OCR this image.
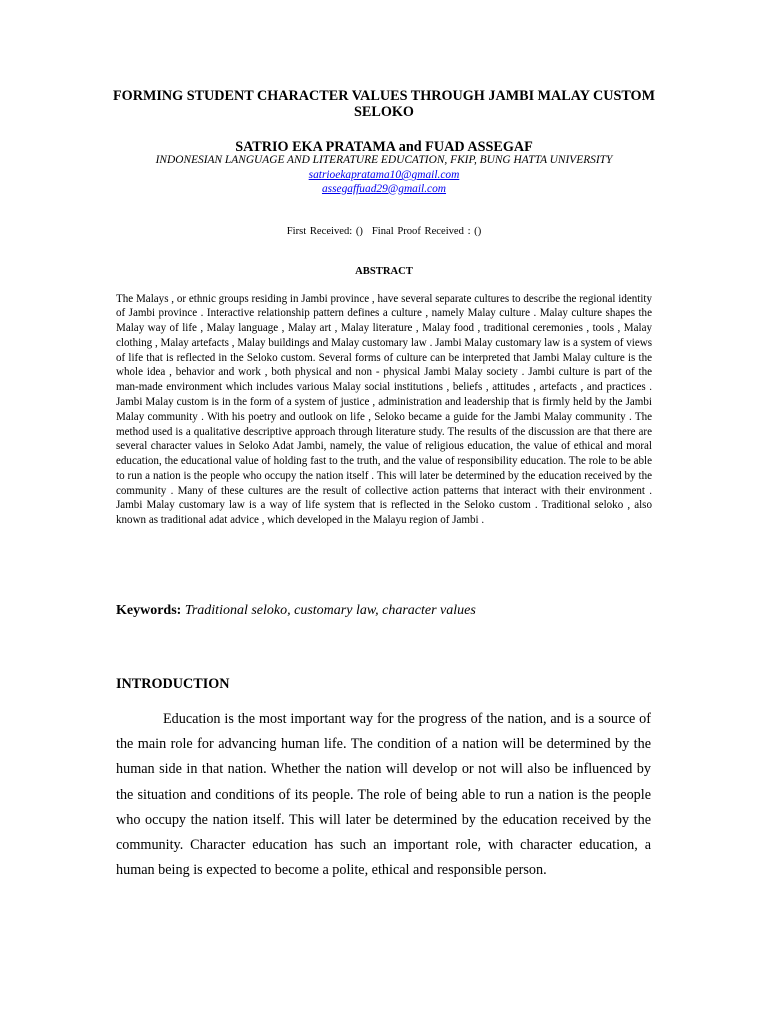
FORMING STUDENT CHARACTER VALUES THROUGH JAMBI MALAY CUSTOM SELOKO
SATRIO EKA PRATAMA and FUAD ASSEGAF
INDONESIAN LANGUAGE AND LITERATURE EDUCATION, FKIP, BUNG HATTA UNIVERSITY
satrioekapratama10@gmail.com
assegaffuad29@gmail.com
First Received: () Final Proof Received : ()
ABSTRACT

The Malays , or ethnic groups residing in Jambi province , have several separate cultures to describe the regional identity of Jambi province . Interactive relationship pattern defines a culture , namely Malay culture . Malay culture shapes the Malay way of life , Malay language , Malay art , Malay literature , Malay food , traditional ceremonies , tools , Malay clothing , Malay artefacts , Malay buildings and Malay customary law . Jambi Malay customary law is a system of views of life that is reflected in the Seloko custom. Several forms of culture can be interpreted that Jambi Malay culture is the whole idea , behavior and work , both physical and non - physical Jambi Malay society . Jambi culture is part of the man-made environment which includes various Malay social institutions , beliefs , attitudes , artefacts , and practices . Jambi Malay custom is in the form of a system of justice , administration and leadership that is firmly held by the Jambi Malay community . With his poetry and outlook on life , Seloko became a guide for the Jambi Malay community . The method used is a qualitative descriptive approach through literature study. The results of the discussion are that there are several character values in Seloko Adat Jambi, namely, the value of religious education, the value of ethical and moral education, the educational value of holding fast to the truth, and the value of responsibility education. The role to be able to run a nation is the people who occupy the nation itself . This will later be determined by the education received by the community . Many of these cultures are the result of collective action patterns that interact with their environment . Jambi Malay customary law is a way of life system that is reflected in the Seloko custom . Traditional seloko , also known as traditional adat advice , which developed in the Malayu region of Jambi .

Keywords: Traditional seloko, customary law, character values
INTRODUCTION

Education is the most important way for the progress of the nation, and is a source of the main role for advancing human life. The condition of a nation will be determined by the human side in that nation. Whether the nation will develop or not will also be influenced by the situation and conditions of its people. The role of being able to run a nation is the people who occupy the nation itself. This will later be determined by the education received by the community. Character education has such an important role, with character education, a human being is expected to become a polite, ethical and responsible person.
